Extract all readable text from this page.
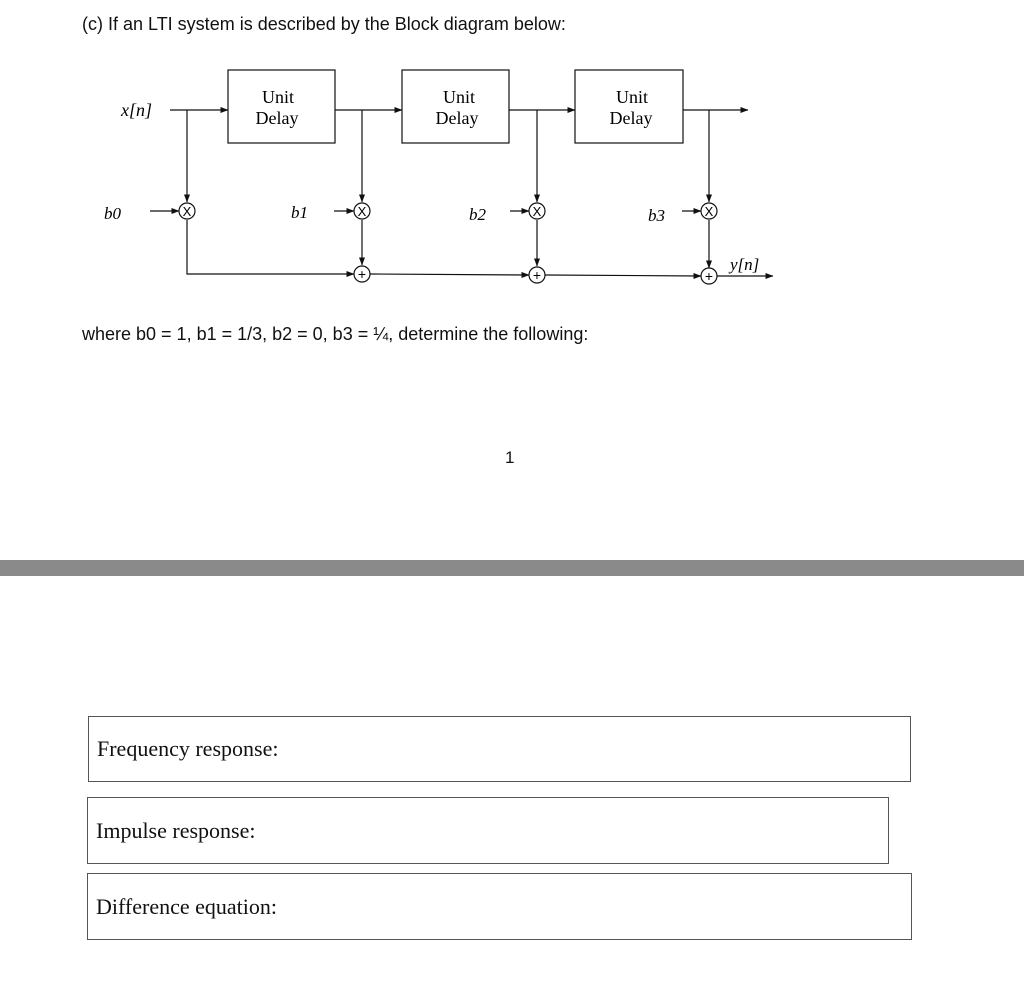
(c) If an LTI system is described by the Block diagram below:
Unit
Delay
Unit
Delay
Unit
Delay
X	X	X	X
+	+	+
x[n]
y[n]
b0	b1	b2	b3
where b0 = 1, b1 = 1/3, b2 = 0, b3 = ¼, determine the following:
1
Frequency response:
Impulse response:
Difference equation:
